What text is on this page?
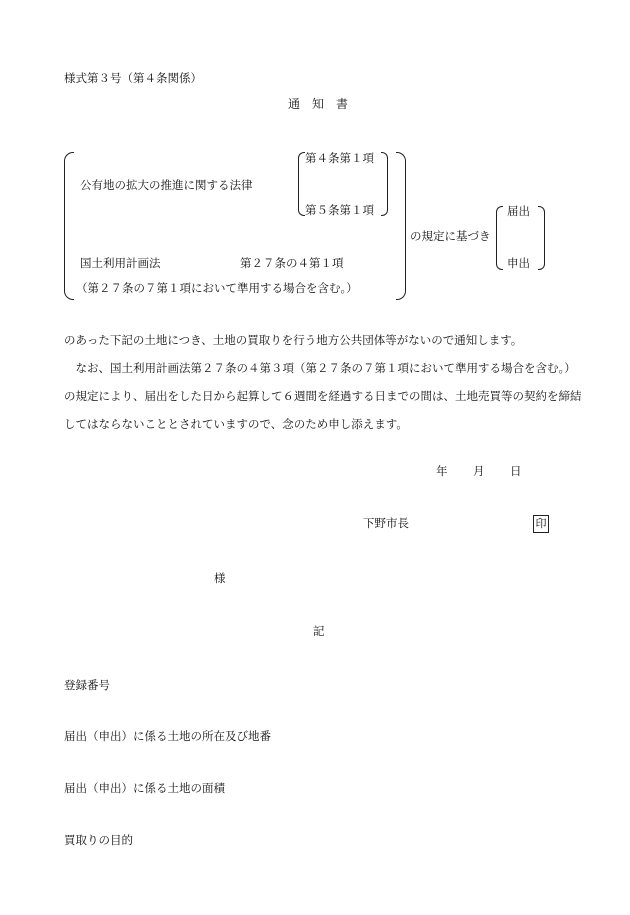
様式第３号（第４条関係）
通　知　書
公有地の拡大の推進に関する法律
第４条第１項
第５条第１項
国土利用計画法	第２７条の４第１項
（第２７条の７第１項において準用する場合を含む。）
の規定に基づき
届出
申出
のあった下記の土地につき、土地の買取りを行う地方公共団体等がないので通知します。
　なお、国土利用計画法第２７条の４第３項（第２７条の７第１項において準用する場合を含む。）の規定により、届出をした日から起算して６週間を経過する日までの間は、土地売買等の契約を締結してはならないこととされていますので、念のため申し添えます。
年 月 日
下野市長	印
様
記
登録番号
届出（申出）に係る土地の所在及び地番
届出（申出）に係る土地の面積
買取りの目的
